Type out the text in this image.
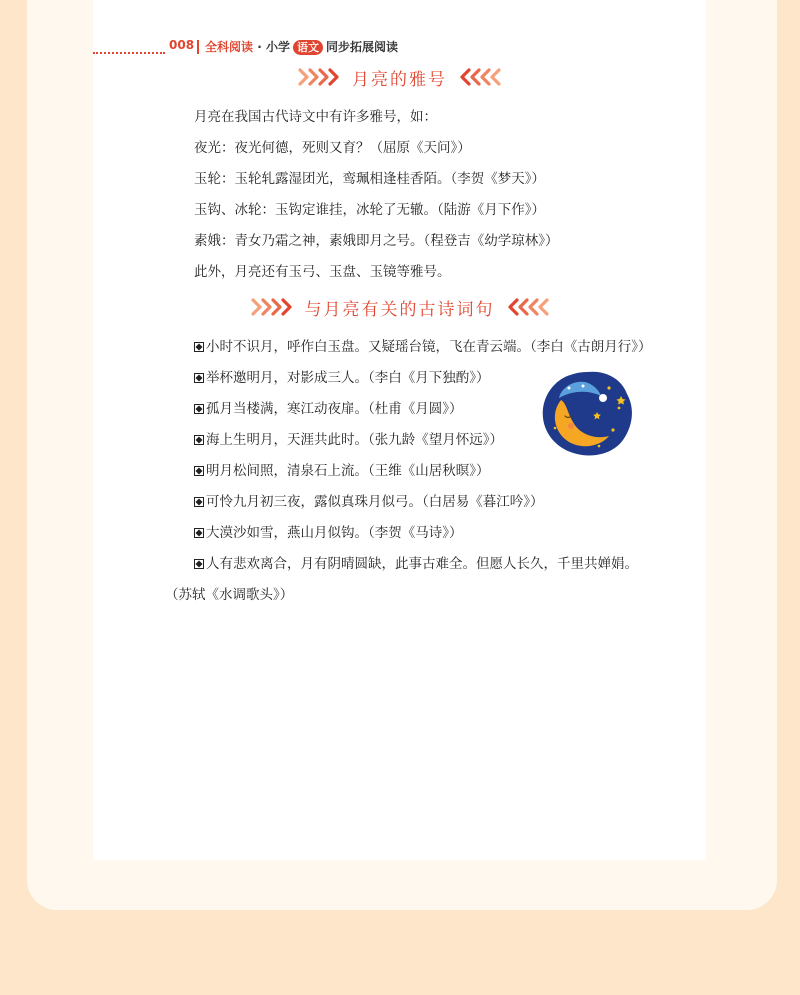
008 全科阅读 · 小学 语文 同步拓展阅读
月亮的雅号
月亮在我国古代诗文中有许多雅号，如：
夜光：夜光何德，死则又育？（屈原《天问》）
玉轮：玉轮轧露湿团光，鸾珮相逢桂香陌。（李贺《梦天》）
玉钩、冰轮：玉钩定谁挂，冰轮了无辙。（陆游《月下作》）
素娥：青女乃霜之神，素娥即月之号。（程登吉《幼学琼林》）
此外，月亮还有玉弓、玉盘、玉镜等雅号。
与月亮有关的古诗词句
小时不识月，呼作白玉盘。又疑瑶台镜，飞在青云端。（李白《古朗月行》）
举杯邀明月，对影成三人。（李白《月下独酌》）
孤月当楼满，寒江动夜扉。（杜甫《月圆》）
海上生明月，天涯共此时。（张九龄《望月怀远》）
明月松间照，清泉石上流。（王维《山居秋暝》）
可怜九月初三夜，露似真珠月似弓。（白居易《暮江吟》）
大漠沙如雪，燕山月似钩。（李贺《马诗》）
人有悲欢离合，月有阴晴圆缺，此事古难全。但愿人长久，千里共婵娟。
（苏轼《水调歌头》）
